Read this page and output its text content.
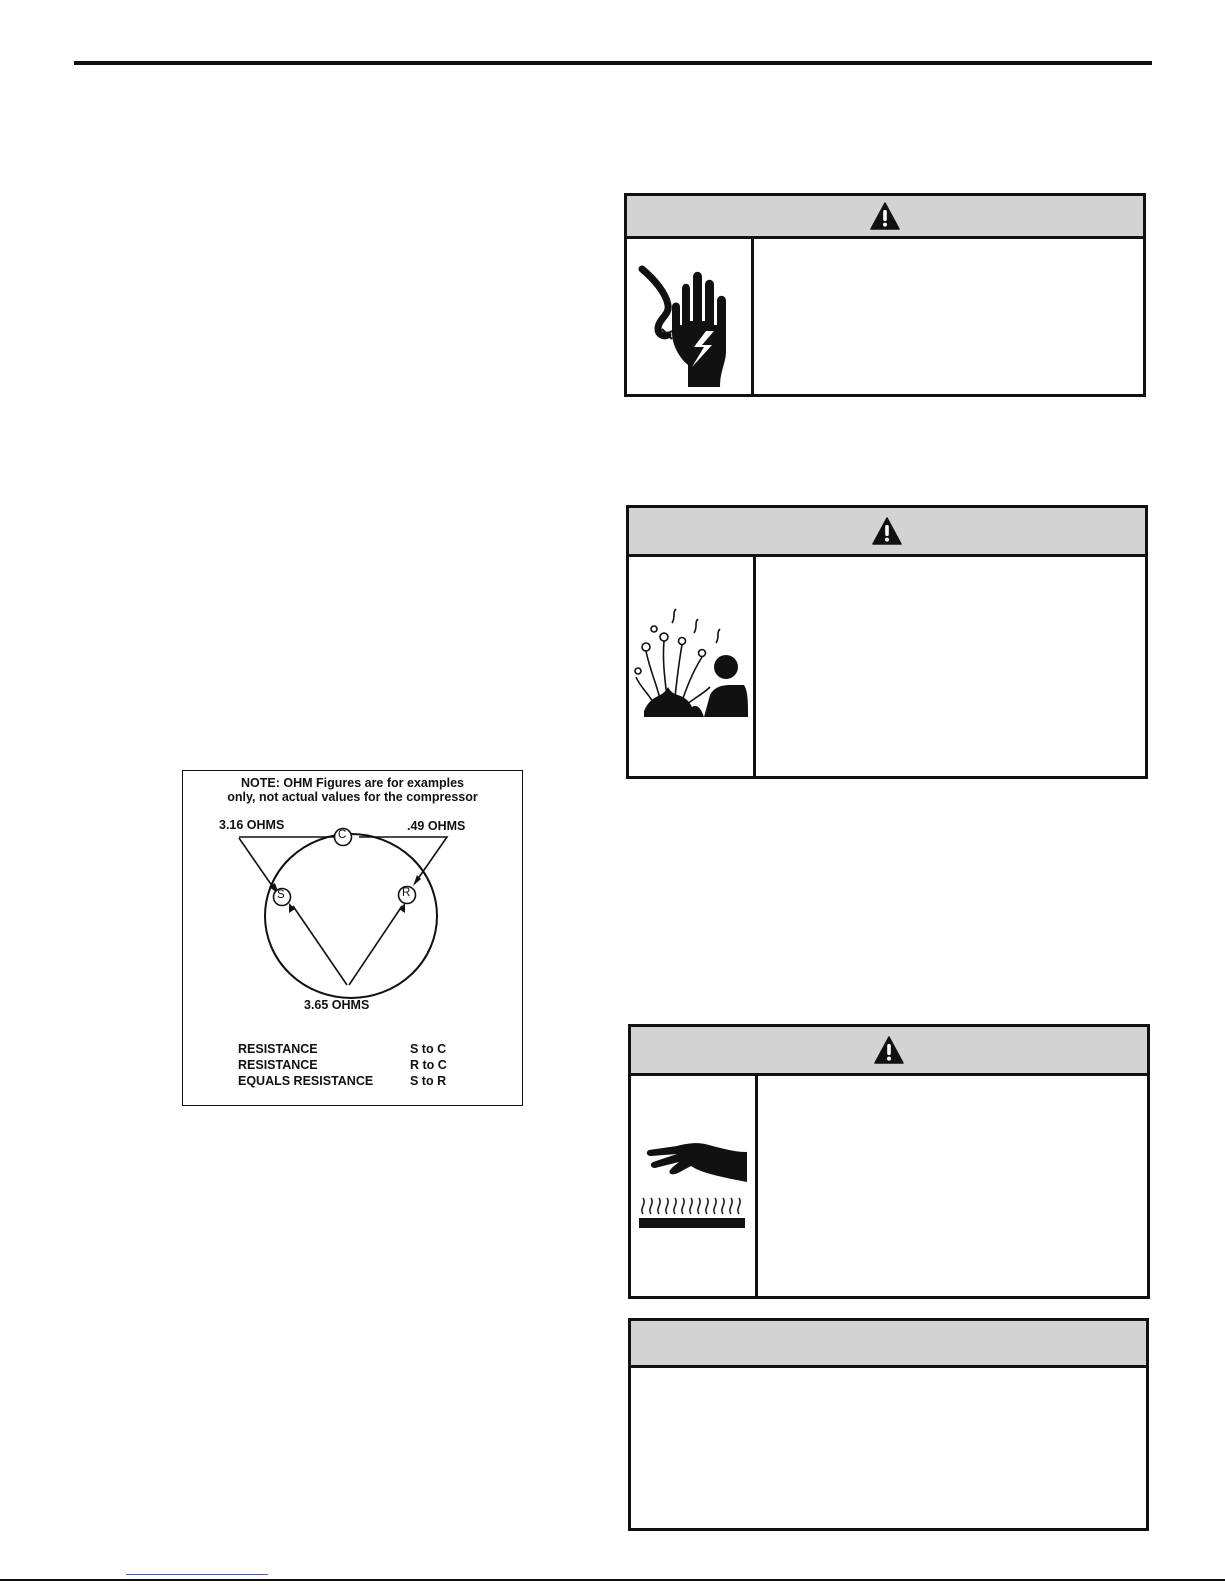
NOTE: OHM Figures are for examples
only, not actual values for the compressor
3.16 OHMS	.49 OHMS
3.65 OHMS
C
S	R
RESISTANCE	S to C
RESISTANCE	R to C
EQUALS RESISTANCE	S to R
